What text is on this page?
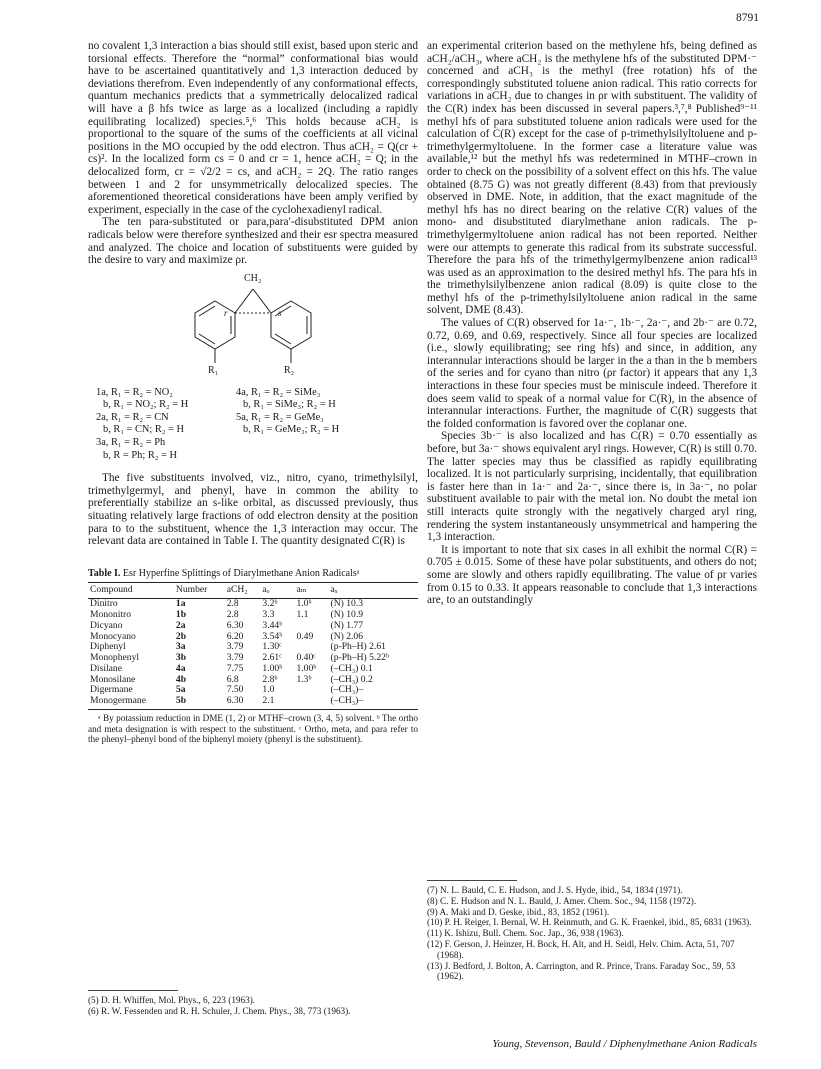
8791

no covalent 1,3 interaction a bias should still exist, based upon steric and torsional effects. Therefore the “normal” conformational bias would have to be ascertained quantitatively and 1,3 interaction deduced by deviations therefrom. Even independently of any conformational effects, quantum mechanics predicts that a symmetrically delocalized radical will have a β hfs twice as large as a localized (including a rapidly equilibrating localized) species.⁵,⁶ This holds because aCH₂ is proportional to the square of the sums of the coefficients at all vicinal positions in the MO occupied by the odd electron. Thus aCH₂ = Q(cr + cs)². In the localized form cs = 0 and cr = 1, hence aCH₂ = Q; in the delocalized form, cr = √2/2 = cs, and aCH₂ = 2Q. The ratio ranges between 1 and 2 for unsymmetrically delocalized species. The aforementioned theoretical considerations have been amply verified by experiment, especially in the case of the cyclohexadienyl radical.

The ten para-substituted or para,para′-disubstituted DPM anion radicals below were therefore synthesized and their esr spectra measured and analyzed. The choice and location of substituents were guided by the desire to vary and maximize ρr.

CH₂
r	s
R₁	R₂
1a, R₁ = R₂ = NO₂
b, R₁ = NO₂; R₂ = H
2a, R₁ = R₂ = CN
b, R₁ = CN; R₂ = H
3a, R₁ = R₂ = Ph
b, R = Ph; R₂ = H
4a, R₁ = R₂ = SiMe₃
b, R₁ = SiMe₃; R₂ = H
5a, R₁ = R₂ = GeMe₃
b, R₁ = GeMe₃; R₂ = H

The five substituents involved, viz., nitro, cyano, trimethylsilyl, trimethylgermyl, and phenyl, have in common the ability to preferentially stabilize an s-like orbital, as discussed previously, thus situating relatively large fractions of odd electron density at the position para to to the substituent, whence the 1,3 interaction may occur. The relevant data are contained in Table I. The quantity designated C(R) is

Table I. Esr Hyperfine Splittings of Diarylmethane Anion Radicalsᵃ
Compound	Number	aCH₂	aₒ	aₘ	aₓ
Dinitro	1a	2.8	3.2ᵇ	1.0ᵇ	(N) 10.3
Mononitro	1b	2.8	3.3	1.1	(N) 10.9
Dicyano	2a	6.30	3.44ᵇ		(N) 1.77
Monocyano	2b	6.20	3.54ᵇ	0.49	(N) 2.06
Diphenyl	3a	3.79	1.30ᶜ		(p-Ph–H) 2.61
Monophenyl	3b	3.79	2.61ᶜ	0.40ᶜ	(p-Ph–H) 5.22ᵇ
Disilane	4a	7.75	1.00ᵇ	1.00ᵇ	(–CH₃) 0.1
Monosilane	4b	6.8	2.8ᵇ	1.3ᵇ	(–CH₃) 0.2
Digermane	5a	7.50	1.0		(–CH₃)–
Monogermane	5b	6.30	2.1		(–CH₃)–
ᵃ By potassium reduction in DME (1, 2) or MTHF–crown (3, 4, 5) solvent. ᵇ The ortho and meta designation is with respect to the substituent. ᶜ Ortho, meta, and para refer to the phenyl–phenyl bond of the biphenyl moiety (phenyl is the substituent).
(5) D. H. Whiffen, Mol. Phys., 6, 223 (1963).
(6) R. W. Fessenden and R. H. Schuler, J. Chem. Phys., 38, 773 (1963).

an experimental criterion based on the methylene hfs, being defined as aCH₂/aCH₃, where aCH₂ is the methylene hfs of the substituted DPM·⁻ concerned and aCH₃ is the methyl (free rotation) hfs of the correspondingly substituted toluene anion radical. This ratio corrects for variations in aCH₂ due to changes in ρr with substituent. The validity of the C(R) index has been discussed in several papers.³,⁷,⁸ Published⁹⁻¹¹ methyl hfs of para substituted toluene anion radicals were used for the calculation of C(R) except for the case of p-trimethylsilyltoluene and p-trimethylgermyltoluene. In the former case a literature value was available,¹² but the methyl hfs was redetermined in MTHF–crown in order to check on the possibility of a solvent effect on this hfs. The value obtained (8.75 G) was not greatly different (8.43) from that previously observed in DME. Note, in addition, that the exact magnitude of the methyl hfs has no direct bearing on the relative C(R) values of the mono- and disubstituted diarylmethane anion radicals. The p-trimethylgermyltoluene anion radical has not been reported. Neither were our attempts to generate this radical from its substrate successful. Therefore the para hfs of the trimethylgermylbenzene anion radical¹³ was used as an approximation to the desired methyl hfs. The para hfs in the trimethylsilylbenzene anion radical (8.09) is quite close to the methyl hfs of the p-trimethylsilyltoluene anion radical in the same solvent, DME (8.43).

The values of C(R) observed for 1a·⁻, 1b·⁻, 2a·⁻, and 2b·⁻ are 0.72, 0.72, 0.69, and 0.69, respectively. Since all four species are localized (i.e., slowly equilibrating; see ring hfs) and since, in addition, any interannular interactions should be larger in the a than in the b members of the series and for cyano than nitro (ρr factor) it appears that any 1,3 interactions in these four species must be miniscule indeed. Therefore it does seem valid to speak of a normal value for C(R), in the absence of interannular interactions. Further, the magnitude of C(R) suggests that the folded conformation is favored over the coplanar one.

Species 3b·⁻ is also localized and has C(R) = 0.70 essentially as before, but 3a·⁻ shows equivalent aryl rings. However, C(R) is still 0.70. The latter species may thus be classified as rapidly equilibrating localized. It is not particularly surprising, incidentally, that equilibration is faster here than in 1a·⁻ and 2a·⁻, since there is, in 3a·⁻, no polar substituent available to pair with the metal ion. No doubt the metal ion still interacts quite strongly with the negatively charged aryl ring, rendering the system instantaneously unsymmetrical and hampering the 1,3 interaction.

It is important to note that six cases in all exhibit the normal C(R) = 0.705 ± 0.015. Some of these have polar substituents, and others do not; some are slowly and others rapidly equilibrating. The value of ρr varies from 0.15 to 0.33. It appears reasonable to conclude that 1,3 interactions are, to an outstandingly

(7) N. L. Bauld, C. E. Hudson, and J. S. Hyde, ibid., 54, 1834 (1971).
(8) C. E. Hudson and N. L. Bauld, J. Amer. Chem. Soc., 94, 1158 (1972).
(9) A. Maki and D. Geske, ibid., 83, 1852 (1961).
(10) P. H. Reiger, I. Bernal, W. H. Reinmuth, and G. K. Fraenkel, ibid., 85, 6831 (1963).
(11) K. Ishizu, Bull. Chem. Soc. Jap., 36, 938 (1963).
(12) F. Gerson, J. Heinzer, H. Bock, H. Alt, and H. Seidl, Helv. Chim. Acta, 51, 707 (1968).
(13) J. Bedford, J. Bolton, A. Carrington, and R. Prince, Trans. Faraday Soc., 59, 53 (1962).
Young, Stevenson, Bauld / Diphenylmethane Anion Radicals
